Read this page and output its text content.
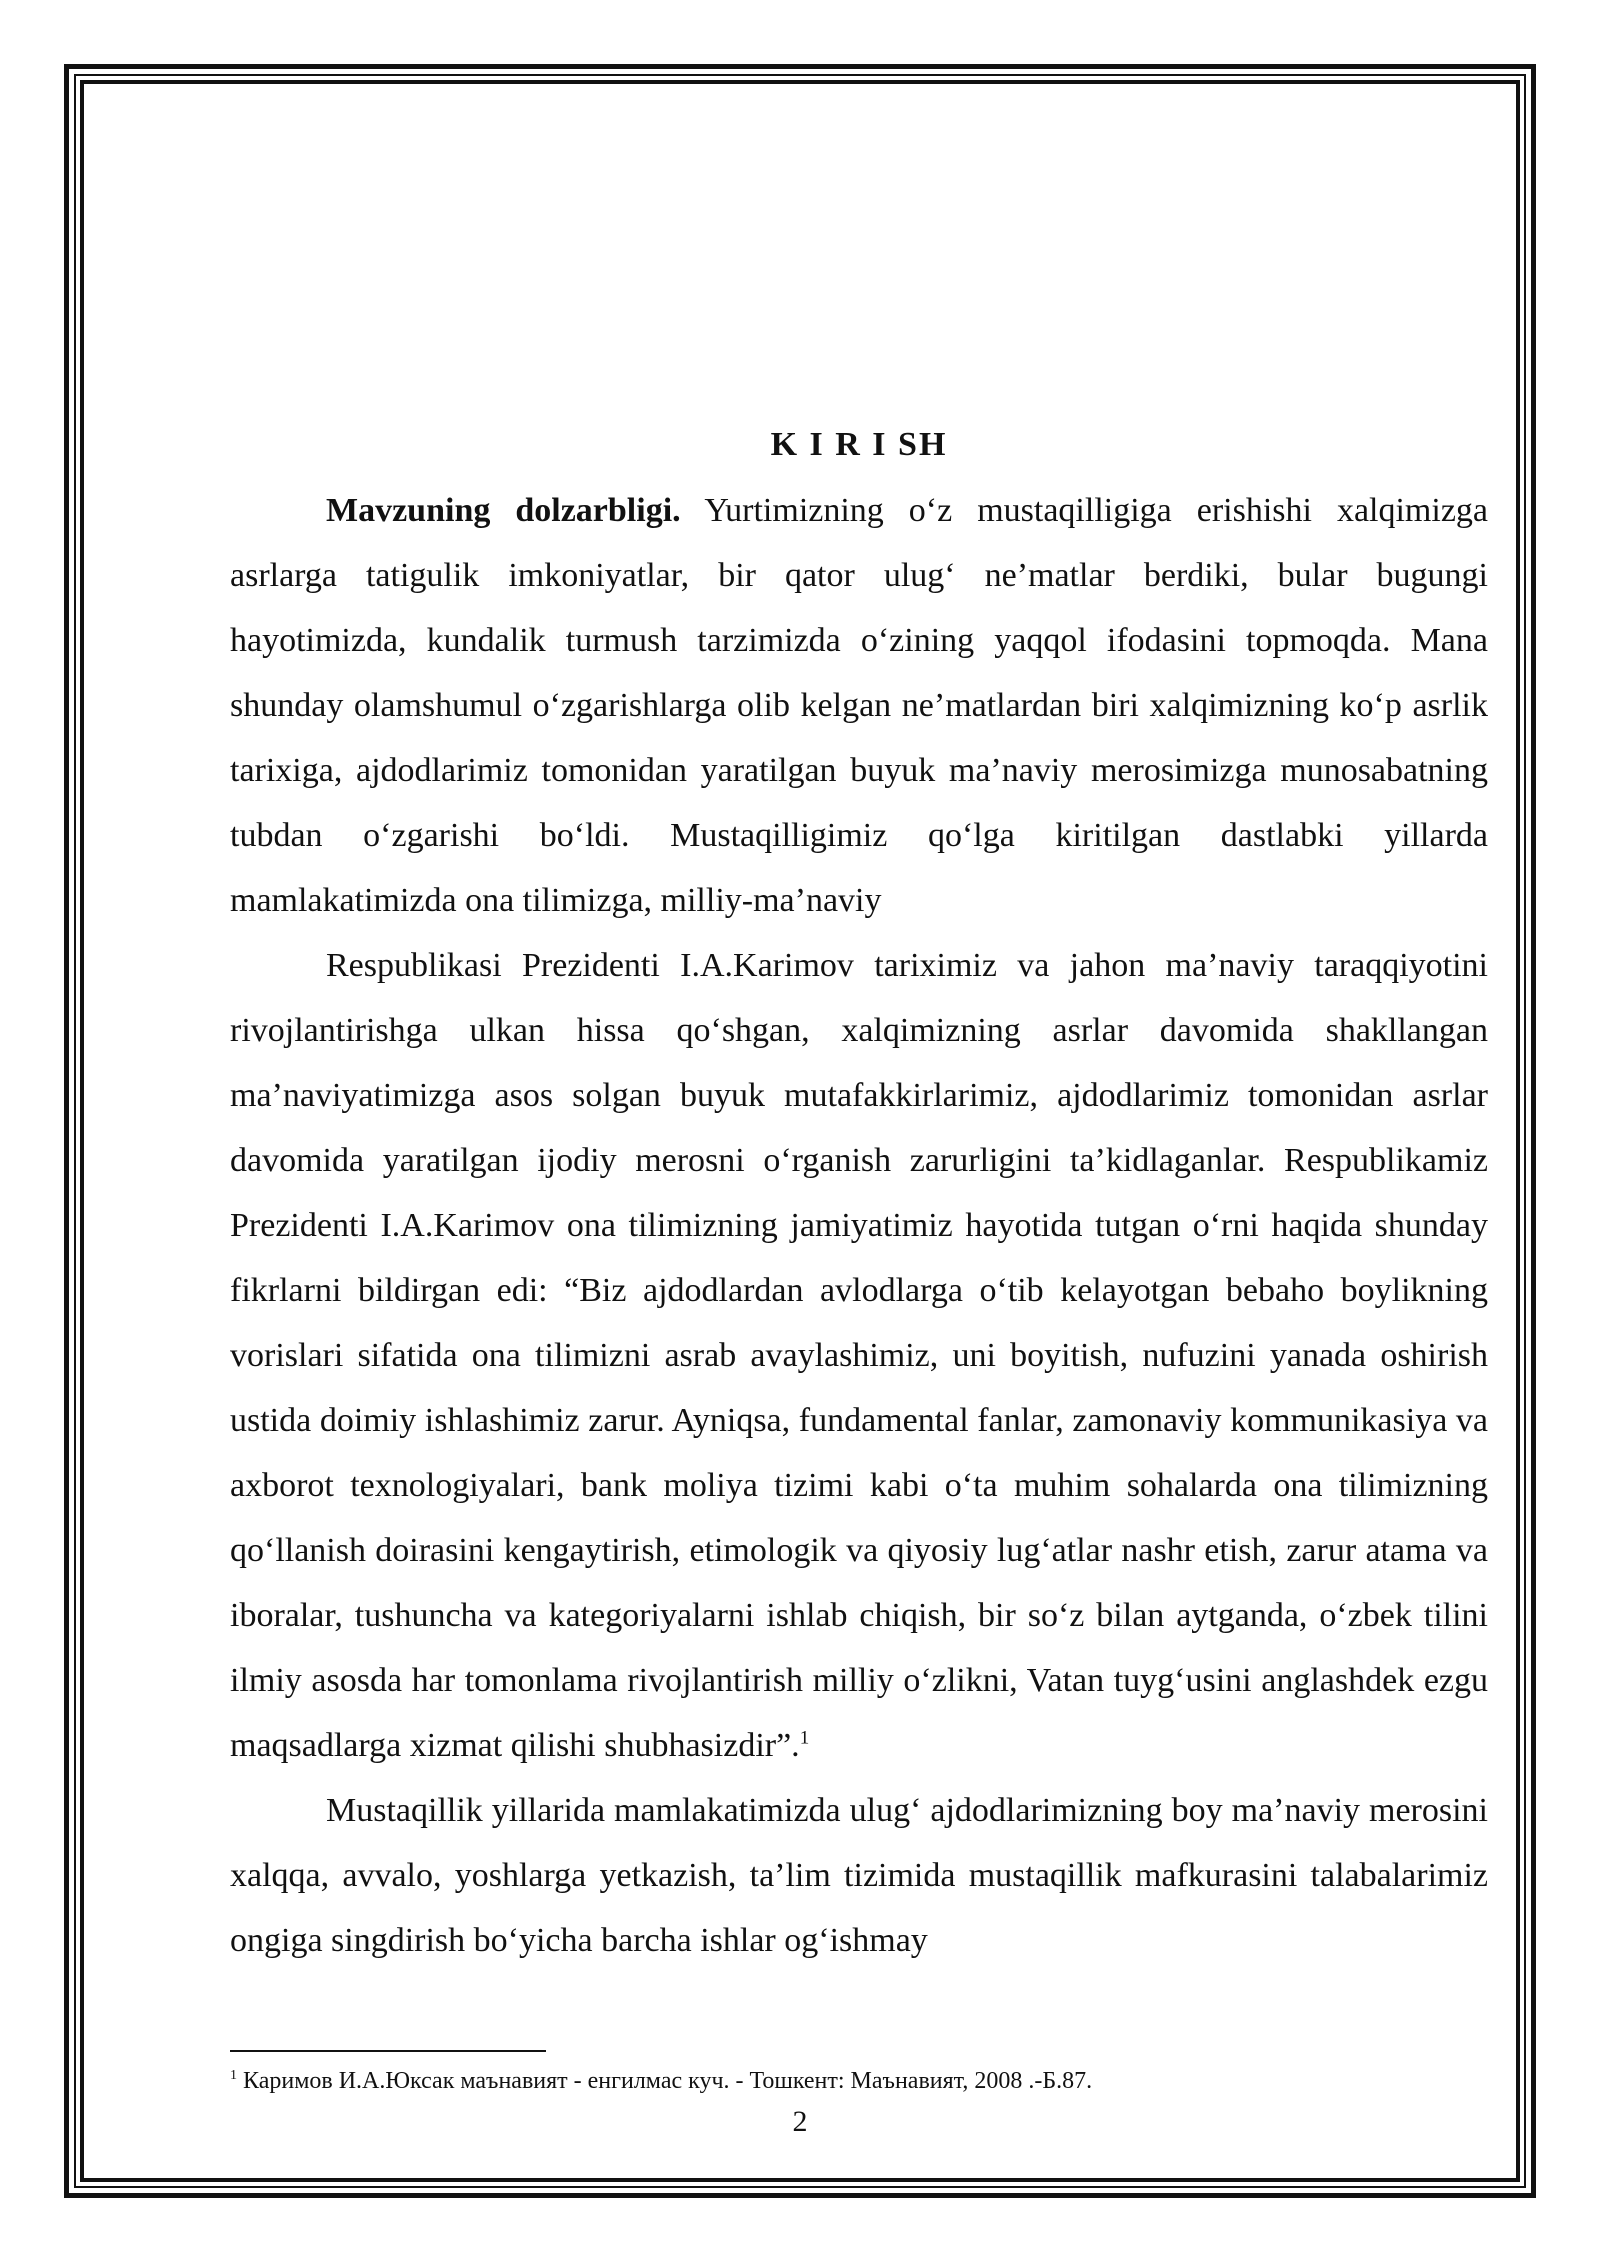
K I R I SH

Mavzuning dolzarbligi. Yurtimizning o‘z mustaqilligiga erishishi xalqimizga asrlarga tatigulik imkoniyatlar, bir qator ulug‘ ne’matlar berdiki, bular bugungi hayotimizda, kundalik turmush tarzimizda o‘zining yaqqol ifodasini topmoqda. Mana shunday olamshumul o‘zgarishlarga olib kelgan ne’matlardan biri xalqimizning ko‘p asrlik tarixiga, ajdodlarimiz tomonidan yaratilgan buyuk ma’naviy merosimizga munosabatning tubdan o‘zgarishi bo‘ldi. Mustaqilligimiz qo‘lga kiritilgan dastlabki yillarda mamlakatimizda ona tilimizga, milliy-ma’naviy

Respublikasi Prezidenti I.A.Karimov tariximiz va jahon ma’naviy taraqqiyotini rivojlantirishga ulkan hissa qo‘shgan, xalqimizning asrlar davomida shakllangan ma’naviyatimizga asos solgan buyuk mutafakkirlarimiz, ajdodlarimiz tomonidan asrlar davomida yaratilgan ijodiy merosni o‘rganish zarurligini ta’kidlaganlar. Respublikamiz Prezidenti I.A.Karimov ona tilimizning jamiyatimiz hayotida tutgan o‘rni haqida shunday fikrlarni bildirgan edi: “Biz ajdodlardan avlodlarga o‘tib kelayotgan bebaho boylikning vorislari sifatida ona tilimizni asrab avaylashimiz, uni boyitish, nufuzini yanada oshirish ustida doimiy ishlashimiz zarur. Ayniqsa, fundamental fanlar, zamonaviy kommunikasiya va axborot texnologiyalari, bank moliya tizimi kabi o‘ta muhim sohalarda ona tilimizning qo‘llanish doirasini kengaytirish, etimologik va qiyosiy lug‘atlar nashr etish, zarur atama va iboralar, tushuncha va kategoriyalarni ishlab chiqish, bir so‘z bilan aytganda, o‘zbek tilini ilmiy asosda har tomonlama rivojlantirish milliy o‘zlikni, Vatan tuyg‘usini anglashdek ezgu maqsadlarga xizmat qilishi shubhasizdir”.$^1$

Mustaqillik yillarida mamlakatimizda ulug‘ ajdodlarimizning boy ma’naviy merosini xalqqa, avvalo, yoshlarga yetkazish, ta’lim tizimida mustaqillik mafkurasini talabalarimiz ongiga singdirish bo‘yicha barcha ishlar og‘ishmay

$^1$ Каримов И.А.Юксак маънавият - енгилмас куч. - Тошкент: Маънавият, 2008 .-Б.87.
2
